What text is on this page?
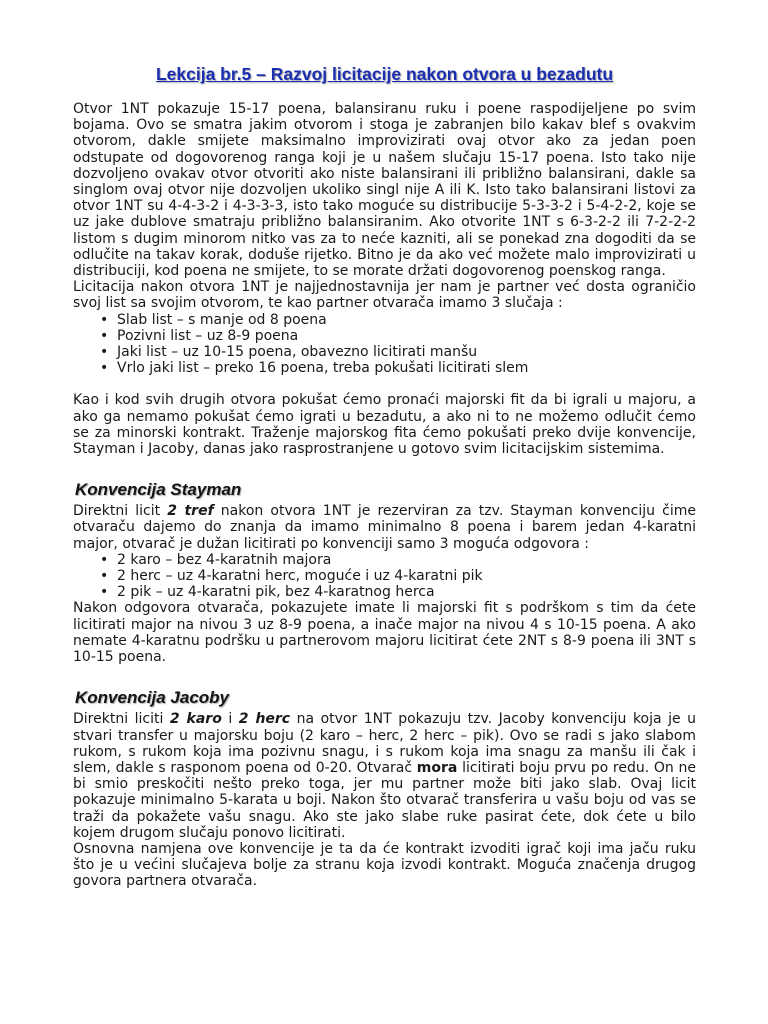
Lekcija br.5 – Razvoj licitacije nakon otvora u bezadutu

Otvor 1NT pokazuje 15-17 poena, balansiranu ruku i poene raspodijeljene po svim bojama. Ovo se smatra jakim otvorom i stoga je zabranjen bilo kakav blef s ovakvim otvorom, dakle smijete maksimalno improvizirati ovaj otvor ako za jedan poen odstupate od dogovorenog ranga koji je u našem slučaju 15-17 poena. Isto tako nije dozvoljeno ovakav otvor otvoriti ako niste balansirani ili približno balansirani, dakle sa singlom ovaj otvor nije dozvoljen ukoliko singl nije A ili K. Isto tako balansirani listovi za otvor 1NT su 4-4-3-2 i 4-3-3-3, isto tako moguće su distribucije 5-3-3-2 i 5-4-2-2, koje se uz jake dublove smatraju približno balansiranim. Ako otvorite 1NT s 6-3-2-2 ili 7-2-2-2 listom s dugim minorom nitko vas za to neće kazniti, ali se ponekad zna dogoditi da se odlučite na takav korak, doduše rijetko. Bitno je da ako već možete malo improvizirati u distribuciji, kod poena ne smijete, to se morate držati dogovorenog poenskog ranga.

Licitacija nakon otvora 1NT je najjednostavnija jer nam je partner već dosta ograničio svoj list sa svojim otvorom, te kao partner otvarača imamo 3 slučaja :

• Slab list – s manje od 8 poena
• Pozivni list – uz 8-9 poena
• Jaki list – uz 10-15 poena, obavezno licitirati manšu
• Vrlo jaki list – preko 16 poena, treba pokušati licitirati slem

Kao i kod svih drugih otvora pokušat ćemo pronaći majorski fit da bi igrali u majoru, a ako ga nemamo pokušat ćemo igrati u bezadutu, a ako ni to ne možemo odlučit ćemo se za minorski kontrakt. Traženje majorskog fita ćemo pokušati preko dvije konvencije, Stayman i Jacoby, danas jako rasprostranjene u gotovo svim licitacijskim sistemima.

Konvencija Stayman

Direktni licit 2 tref nakon otvora 1NT je rezerviran za tzv. Stayman konvenciju čime otvaraču dajemo do znanja da imamo minimalno 8 poena i barem jedan 4-karatni major, otvarač je dužan licitirati po konvenciji samo 3 moguća odgovora :

• 2 karo – bez 4-karatnih majora
• 2 herc – uz 4-karatni herc, moguće i uz 4-karatni pik
• 2 pik – uz 4-karatni pik, bez 4-karatnog herca

Nakon odgovora otvarača, pokazujete imate li majorski fit s podrškom s tim da ćete licitirati major na nivou 3 uz 8-9 poena, a inače major na nivou 4 s 10-15 poena. A ako nemate 4-karatnu podršku u partnerovom majoru licitirat ćete 2NT s 8-9 poena ili 3NT s 10-15 poena.

Konvencija Jacoby

Direktni liciti 2 karo i 2 herc na otvor 1NT pokazuju tzv. Jacoby konvenciju koja je u stvari transfer u majorsku boju (2 karo – herc, 2 herc – pik). Ovo se radi s jako slabom rukom, s rukom koja ima pozivnu snagu, i s rukom koja ima snagu za manšu ili čak i slem, dakle s rasponom poena od 0-20. Otvarač mora licitirati boju prvu po redu. On ne bi smio preskočiti nešto preko toga, jer mu partner može biti jako slab. Ovaj licit pokazuje minimalno 5-karata u boji. Nakon što otvarač transferira u vašu boju od vas se traži da pokažete vašu snagu. Ako ste jako slabe ruke pasirat ćete, dok ćete u bilo kojem drugom slučaju ponovo licitirati.

Osnovna namjena ove konvencije je ta da će kontrakt izvoditi igrač koji ima jaču ruku što je u većini slučajeva bolje za stranu koja izvodi kontrakt. Moguća značenja drugog govora partnera otvarača.
